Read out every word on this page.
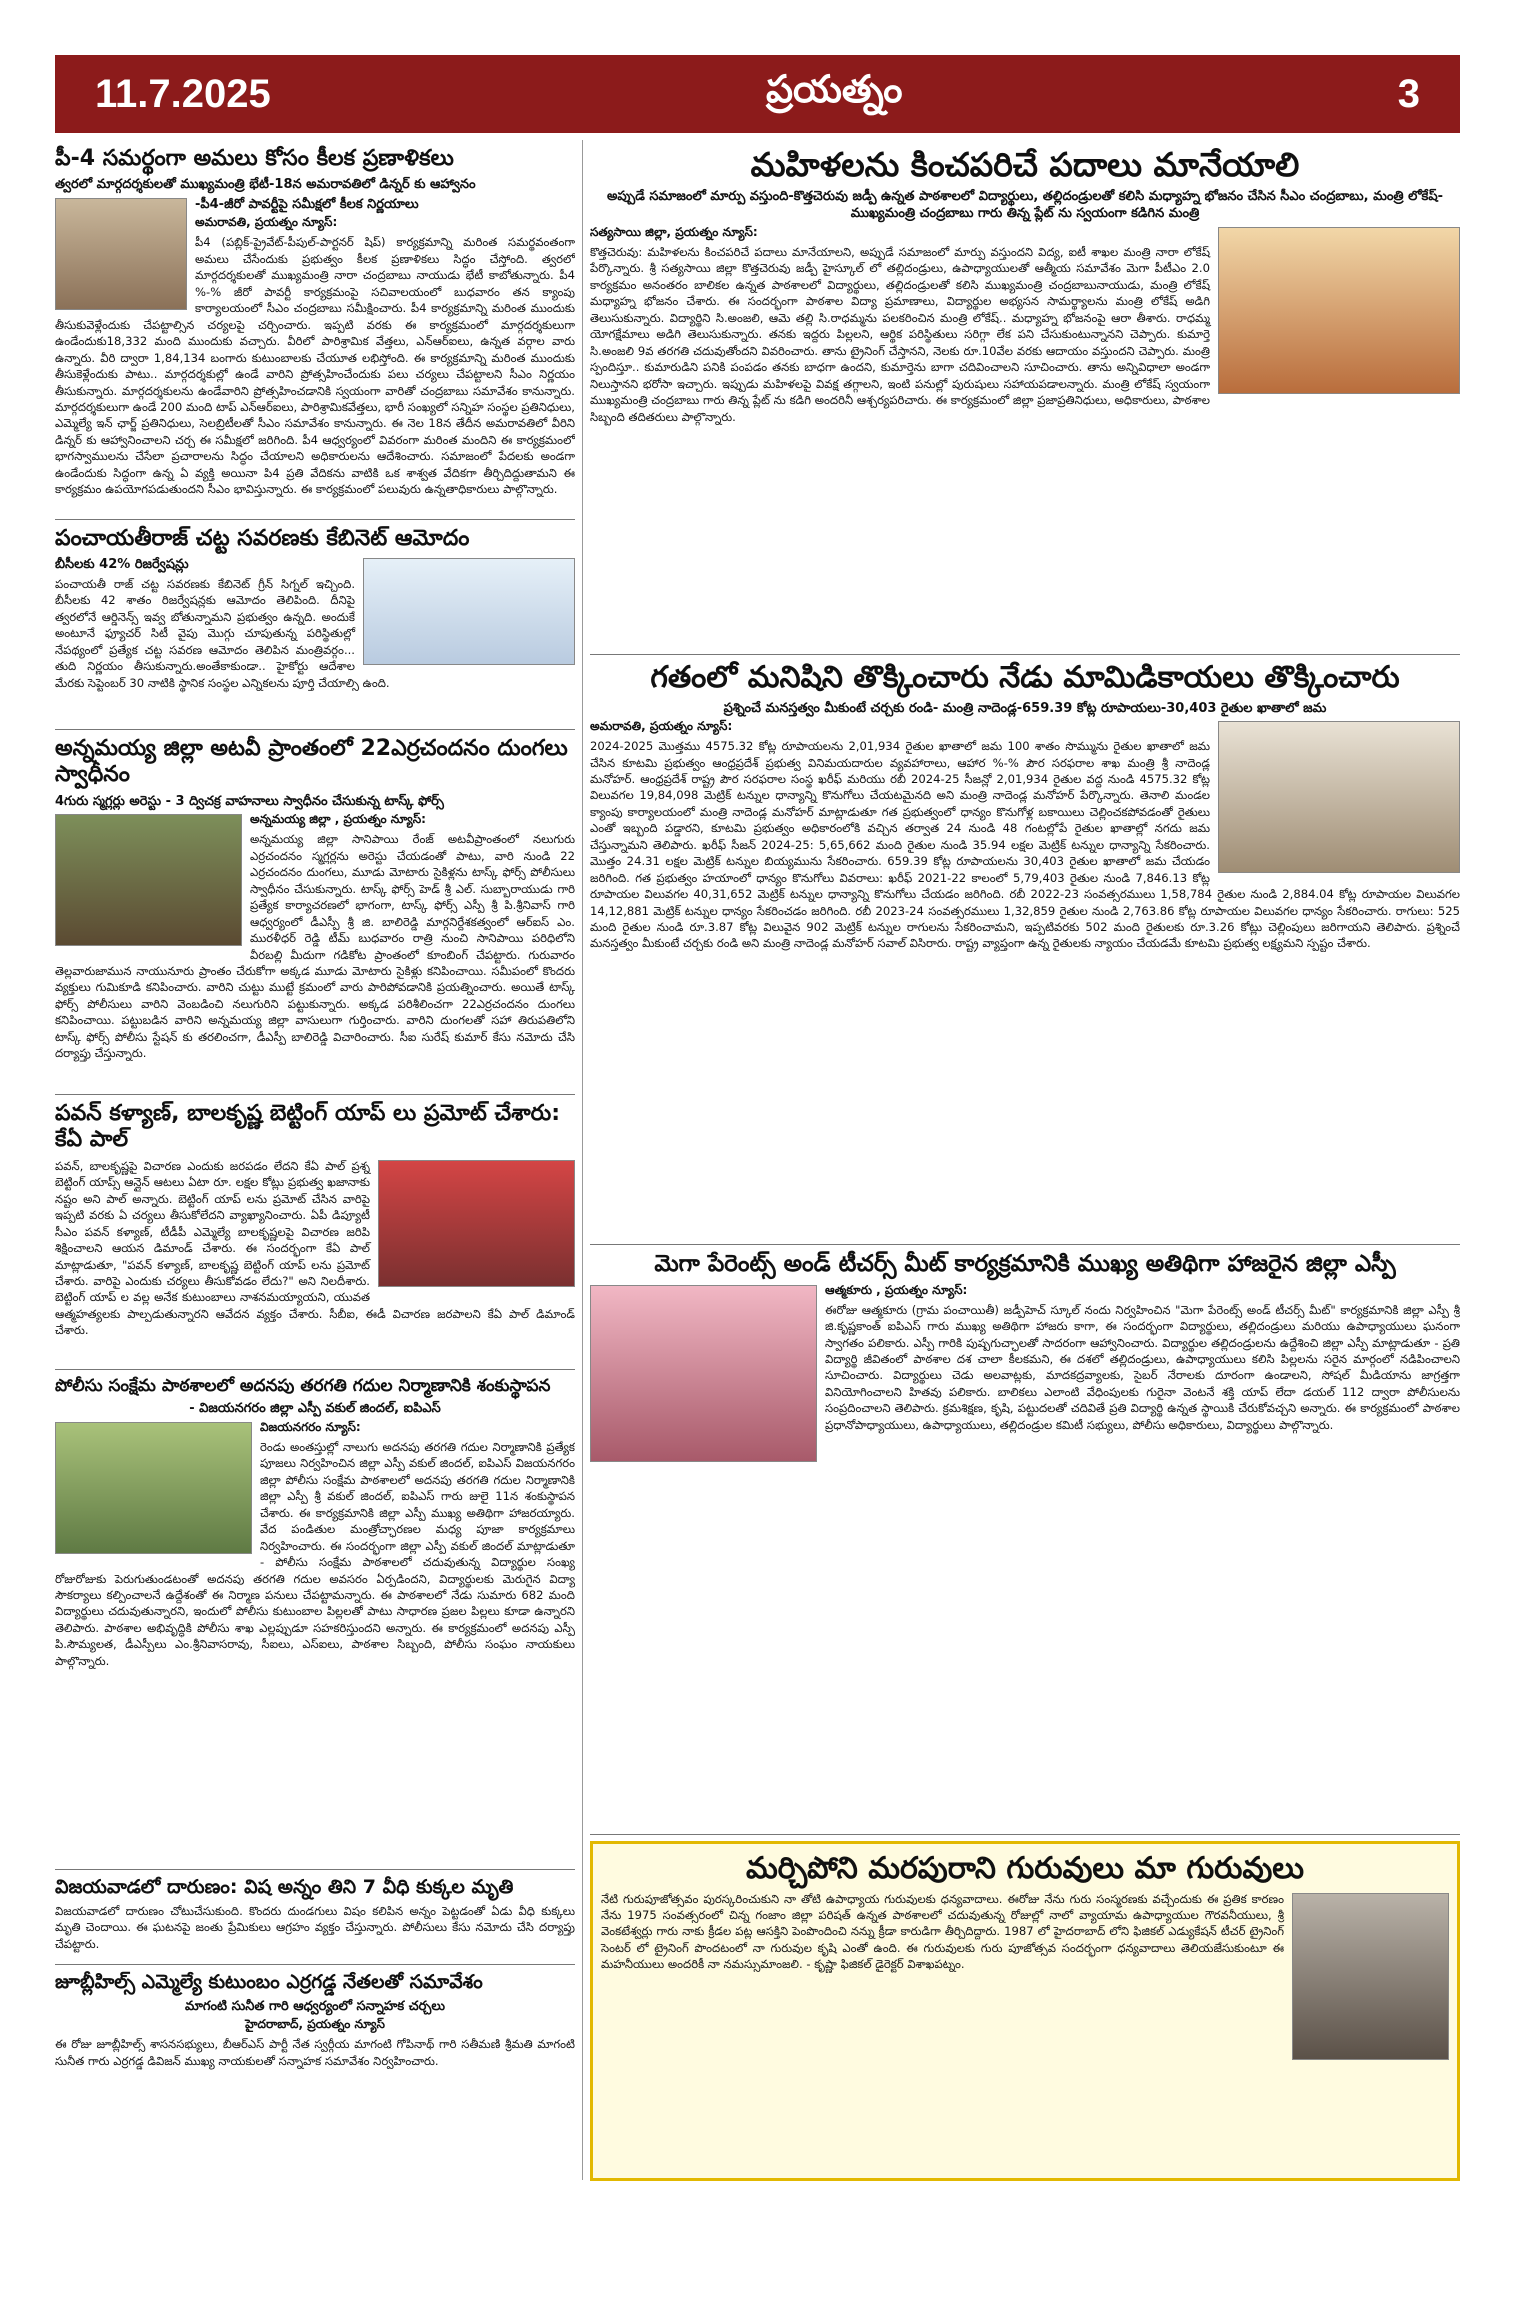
11.7.2025	ప్రయత్నం	3
పీ-4 సమర్థంగా అమలు కోసం కీలక ప్రణాళికలు
త్వరలో మార్గదర్శకులతో ముఖ్యమంత్రి భేటీ-18న అమరావతిలో డిన్నర్ కు ఆహ్వానం
-పీ4-జీరో పావర్టీపై సమీక్షలో కీలక నిర్ణయాలు
అమరావతి, ప్రయత్నం న్యూస్:

పీ4 (పబ్లిక్-ప్రైవేట్-పీపుల్-పార్టనర్ షిప్) కార్యక్రమాన్ని మరింత సమర్థవంతంగా అమలు చేసేందుకు ప్రభుత్వం కీలక ప్రణాళికలు సిద్ధం చేస్తోంది. త్వరలో మార్గదర్శకులతో ముఖ్యమంత్రి నారా చంద్రబాబు నాయుడు భేటీ కాబోతున్నారు. పీ4 %-% జీరో పావర్టీ కార్యక్రమంపై సచివాలయంలో బుధవారం తన క్యాంపు కార్యాలయంలో సీఎం చంద్రబాబు సమీక్షించారు. పీ4 కార్యక్రమాన్ని మరింత ముందుకు తీసుకువెళ్లేందుకు చేపట్టాల్సిన చర్యలపై చర్చించారు. ఇప్పటి వరకు ఈ కార్యక్రమంలో మార్గదర్శకులుగా ఉండేందుకు18,332 మంది ముందుకు వచ్చారు. వీరిలో పారిశ్రామిక వేత్తలు, ఎన్ఆర్ఐలు, ఉన్నత వర్గాల వారు ఉన్నారు. వీరి ద్వారా 1,84,134 బంగారు కుటుంబాలకు చేయూత లభిస్తోంది. ఈ కార్యక్రమాన్ని మరింత ముందుకు తీసుకెళ్లేందుకు పాటు.. మార్గదర్శకుల్లో ఉండే వారిని ప్రోత్సహించేందుకు పలు చర్యలు చేపట్టాలని సీఎం నిర్ణయం తీసుకున్నారు. మార్గదర్శకులను ఉండేవారిని ప్రోత్సహించడానికి స్వయంగా వారితో చంద్రబాబు సమావేశం కానున్నారు. మార్గదర్శకులుగా ఉండే 200 మంది టాప్ ఎన్ఆర్ఐలు, పారిశ్రామికవేత్తలు, భారీ సంఖ్యలో సన్నిహ సంస్థల ప్రతినిధులు, ఎమ్మెల్యే ఇన్ ఛార్జ్ ప్రతినిధులు, సెలబ్రిటీలతో సీఎం సమావేశం కానున్నారు. ఈ నెల 18న తేదీన అమరావతిలో వీరిని డిన్నర్ కు ఆహ్వానించాలని చర్చ ఈ సమీక్షలో జరిగింది. పీ4 ఆధ్వర్యంలో వివరంగా మరింత మందిని ఈ కార్యక్రమంలో భాగస్వాములను చేసేలా ప్రచారాలను సిద్ధం చేయాలని అధికారులను ఆదేశించారు. సమాజంలో పేదలకు అండగా ఉండేందుకు సిద్ధంగా ఉన్న ఏ వ్యక్తి అయినా పి4 ప్రతి వేదికను వాటికి ఒక శాశ్వత వేదికగా తీర్చిదిద్దుతామని ఈ కార్యక్రమం ఉపయోగపడుతుందని సీఎం భావిస్తున్నారు. ఈ కార్యక్రమంలో పలువురు ఉన్నతాధికారులు పాల్గొన్నారు.

పంచాయతీరాజ్ చట్ట సవరణకు కేబినెట్ ఆమోదం
బీసీలకు 42% రిజర్వేషన్లు

పంచాయతీ రాజ్ చట్ట సవరణకు కేబినెట్ గ్రీన్ సిగ్నల్ ఇచ్చింది. బీసీలకు 42 శాతం రిజర్వేషన్లకు ఆమోదం తెలిపింది. దీనిపై త్వరలోనే ఆర్డినెన్స్ ఇవ్వ బోతున్నామని ప్రభుత్వం ఉన్నది. అందుకే అంటూనే ఫ్యూచర్ సిటీ వైపు మొగ్గు చూపుతున్న పరిస్థితుల్లో నేపథ్యంలో ప్రత్యేక చట్ట సవరణ ఆమోదం తెలిపిన మంత్రివర్గం... తుది నిర్ణయం తీసుకున్నారు.అంతేకాకుండా.. హైకోర్టు ఆదేశాల మేరకు సెప్టెంబర్ 30 నాటికి స్థానిక సంస్థల ఎన్నికలను పూర్తి చేయాల్సి ఉంది.

అన్నమయ్య జిల్లా అటవీ ప్రాంతంలో 22ఎర్రచందనం దుంగలు స్వాధీనం
4గురు స్మగ్లర్లు అరెస్టు - 3 ద్విచక్ర వాహనాలు స్వాధీనం చేసుకున్న టాస్క్ ఫోర్స్
అన్నమయ్య జిల్లా , ప్రయత్నం న్యూస్:

అన్నమయ్య జిల్లా సానిపాయి రేంజ్ అటవీప్రాంతంలో నలుగురు ఎర్రచందనం స్మగ్లర్లను అరెస్టు చేయడంతో పాటు, వారి నుండి 22 ఎర్రచందనం దుంగలు, మూడు మోటారు సైకిళ్లను టాస్క్ ఫోర్స్ పోలీసులు స్వాధీనం చేసుకున్నారు. టాస్క్ ఫోర్స్ హెడ్ శ్రీ ఎల్. సుబ్బారాయుడు గారి ప్రత్యేక కార్యాచరణలో భాగంగా, టాస్క్ ఫోర్స్ ఎస్పీ శ్రీ పి.శ్రీనివాస్ గారి ఆధ్వర్యంలో డీఎస్పీ శ్రీ జి. బాలిరెడ్డి మార్గనిర్దేశకత్వంలో ఆర్ఐస్ ఎం. మురళీధర్ రెడ్డి టీమ్ బుధవారం రాత్రి నుంచి సానిపాయి పరిధిలోని వీరబల్లి మీదుగా గడికోట ప్రాంతంలో కూంబింగ్ చేపట్టారు. గురువారం తెల్లవారుజామున నాయునూరు ప్రాంతం చేరుకోగా అక్కడ మూడు మోటారు సైకిళ్లు కనిపించాయి. సమీపంలో కొందరు వ్యక్తులు గుమికూడి కనిపించారు. వారిని చుట్టు ముట్టే క్రమంలో వారు పారిపోవడానికి ప్రయత్నించారు. అయితే టాస్క్ ఫోర్స్ పోలీసులు వారిని వెంబడించి నలుగురిని పట్టుకున్నారు. అక్కడ పరిశీలించగా 22ఎర్రచందనం దుంగలు కనిపించాయి. పట్టుబడిన వారిని అన్నమయ్య జిల్లా వాసులుగా గుర్తించారు. వారిని దుంగలతో సహా తిరుపతిలోని టాస్క్ ఫోర్స్ పోలీసు స్టేషన్ కు తరలించగా, డీఎస్పీ బాలిరెడ్డి విచారించారు. సీఐ సురేష్ కుమార్ కేసు నమోదు చేసి దర్యాప్తు చేస్తున్నారు.

పవన్ కళ్యాణ్, బాలకృష్ణ బెట్టింగ్ యాప్ లు ప్రమోట్ చేశారు: కేఏ పాల్

పవన్, బాలకృష్ణపై విచారణ ఎందుకు జరపడం లేదని కేఏ పాల్ ప్రశ్న బెట్టింగ్ యాప్స్ ఆన్లైన్ ఆటలు ఏటా రూ. లక్షల కోట్లు ప్రభుత్వ ఖజానాకు నష్టం అని పాల్ అన్నారు. బెట్టింగ్ యాప్ లను ప్రమోట్ చేసిన వారిపై ఇప్పటి వరకు ఏ చర్యలు తీసుకోలేదని వ్యాఖ్యానించారు. ఏపీ డిప్యూటీ సీఎం పవన్ కళ్యాణ్, టీడీపీ ఎమ్మెల్యే బాలకృష్ణలపై విచారణ జరిపి శిక్షించాలని ఆయన డిమాండ్ చేశారు. ఈ సందర్భంగా కేఏ పాల్ మాట్లాడుతూ, "పవన్ కళ్యాణ్, బాలకృష్ణ బెట్టింగ్ యాప్ లను ప్రమోట్ చేశారు. వారిపై ఎందుకు చర్యలు తీసుకోవడం లేదు?" అని నిలదీశారు. బెట్టింగ్ యాప్ ల వల్ల అనేక కుటుంబాలు నాశనమయ్యాయని, యువత ఆత్మహత్యలకు పాల్పడుతున్నారని ఆవేదన వ్యక్తం చేశారు. సీబీఐ, ఈడీ విచారణ జరపాలని కేఏ పాల్ డిమాండ్ చేశారు.

పోలీసు సంక్షేమ పాఠశాలలో అదనపు తరగతి గదుల నిర్మాణానికి శంకుస్థాపన
- విజయనగరం జిల్లా ఎస్పీ వకుల్ జిందల్, ఐపిఎస్
విజయనగరం న్యూస్:

రెండు అంతస్తుల్లో నాలుగు అదనపు తరగతి గదుల నిర్మాణానికి ప్రత్యేక పూజలు నిర్వహించిన జిల్లా ఎస్పీ వకుల్ జిందల్, ఐపిఎస్ విజయనగరం జిల్లా పోలీసు సంక్షేమ పాఠశాలలో అదనపు తరగతి గదుల నిర్మాణానికి జిల్లా ఎస్పీ శ్రీ వకుల్ జిందల్, ఐపిఎస్ గారు జులై 11న శంకుస్థాపన చేశారు. ఈ కార్యక్రమానికి జిల్లా ఎస్పీ ముఖ్య అతిథిగా హాజరయ్యారు. వేద పండితుల మంత్రోచ్ఛారణల మధ్య పూజా కార్యక్రమాలు నిర్వహించారు. ఈ సందర్భంగా జిల్లా ఎస్పీ వకుల్ జిందల్ మాట్లాడుతూ - పోలీసు సంక్షేమ పాఠశాలలో చదువుతున్న విద్యార్థుల సంఖ్య రోజురోజుకు పెరుగుతుండటంతో అదనపు తరగతి గదుల అవసరం ఏర్పడిందని, విద్యార్థులకు మెరుగైన విద్యా సౌకర్యాలు కల్పించాలనే ఉద్దేశంతో ఈ నిర్మాణ పనులు చేపట్టామన్నారు. ఈ పాఠశాలలో నేడు సుమారు 682 మంది విద్యార్థులు చదువుతున్నారని, ఇందులో పోలీసు కుటుంబాల పిల్లలతో పాటు సాధారణ ప్రజల పిల్లలు కూడా ఉన్నారని తెలిపారు. పాఠశాల అభివృద్ధికి పోలీసు శాఖ ఎల్లప్పుడూ సహకరిస్తుందని అన్నారు. ఈ కార్యక్రమంలో అదనపు ఎస్పీ పి.సౌమ్యలత, డీఎస్పీలు ఎం.శ్రీనివాసరావు, సీఐలు, ఎస్ఐలు, పాఠశాల సిబ్బంది, పోలీసు సంఘం నాయకులు పాల్గొన్నారు.

విజయవాడలో దారుణం: విష అన్నం తిని 7 వీధి కుక్కల మృతి

విజయవాడలో దారుణం చోటుచేసుకుంది. కొందరు దుండగులు విషం కలిపిన అన్నం పెట్టడంతో ఏడు వీధి కుక్కలు మృతి చెందాయి. ఈ ఘటనపై జంతు ప్రేమికులు ఆగ్రహం వ్యక్తం చేస్తున్నారు. పోలీసులు కేసు నమోదు చేసి దర్యాప్తు చేపట్టారు.

జూబ్లీహిల్స్ ఎమ్మెల్యే కుటుంబం ఎర్రగడ్డ నేతలతో సమావేశం
మాగంటి సునీత గారి ఆధ్వర్యంలో సన్నాహక చర్చలు
హైదరాబాద్, ప్రయత్నం న్యూస్

ఈ రోజు జూబ్లీహిల్స్ శాసనసభ్యులు, బీఆర్ఎస్ పార్టీ నేత స్వర్గీయ మాగంటి గోపినాథ్ గారి సతీమణి శ్రీమతి మాగంటి సునీత గారు ఎర్రగడ్డ డివిజన్ ముఖ్య నాయకులతో సన్నాహక సమావేశం నిర్వహించారు.

మహిళలను కించపరిచే పదాలు మానేయాలి
అప్పుడే సమాజంలో మార్పు వస్తుంది-కొత్తచెరువు జడ్పీ ఉన్నత పాఠశాలలో విద్యార్థులు, తల్లిదండ్రులతో కలిసి మధ్యాహ్న భోజనం చేసిన సీఎం చంద్రబాబు, మంత్రి లోకేష్-ముఖ్యమంత్రి చంద్రబాబు గారు తిన్న ప్లేట్ ను స్వయంగా కడిగిన మంత్రి
సత్యసాయి జిల్లా, ప్రయత్నం న్యూస్:

కొత్తచెరువు: మహిళలను కించపరిచే పదాలు మానేయాలని, అప్పుడే సమాజంలో మార్పు వస్తుందని విద్య, ఐటీ శాఖల మంత్రి నారా లోకేష్ పేర్కొన్నారు. శ్రీ సత్యసాయి జిల్లా కొత్తచెరువు జడ్పీ హైస్కూల్ లో తల్లిదండ్రులు, ఉపాధ్యాయులతో ఆత్మీయ సమావేశం మెగా పీటీఎం 2.0 కార్యక్రమం అనంతరం బాలికల ఉన్నత పాఠశాలలో విద్యార్థులు, తల్లిదండ్రులతో కలిసి ముఖ్యమంత్రి చంద్రబాబునాయుడు, మంత్రి లోకేష్ మధ్యాహ్న భోజనం చేశారు. ఈ సందర్భంగా పాఠశాల విద్యా ప్రమాణాలు, విద్యార్థుల అభ్యసన సామర్థ్యాలను మంత్రి లోకేష్ అడిగి తెలుసుకున్నారు. విద్యార్థిని సి.అంజలి, ఆమె తల్లి సి.రాధమ్మను పలకరించిన మంత్రి లోకేష్.. మధ్యాహ్న భోజనంపై ఆరా తీశారు. రాధమ్మ యోగక్షేమాలు అడిగి తెలుసుకున్నారు. తనకు ఇద్దరు పిల్లలని, ఆర్థిక పరిస్థితులు సరిగ్గా లేక పని చేసుకుంటున్నానని చెప్పారు. కుమార్తె సి.అంజలి 9వ తరగతి చదువుతోందని వివరించారు. తాను ట్రైనింగ్ చేస్తానని, నెలకు రూ.10వేల వరకు ఆదాయం వస్తుందని చెప్పారు. మంత్రి స్పందిస్తూ.. కుమారుడిని పనికి పంపడం తనకు బాధగా ఉందని, కుమార్తెను బాగా చదివించాలని సూచించారు. తాను అన్నివిధాలా అండగా నిలుస్తానని భరోసా ఇచ్చారు. ఇప్పుడు మహిళలపై వివక్ష తగ్గాలని, ఇంటి పనుల్లో పురుషులు సహాయపడాలన్నారు. మంత్రి లోకేష్ స్వయంగా ముఖ్యమంత్రి చంద్రబాబు గారు తిన్న ప్లేట్ ను కడిగి అందరినీ ఆశ్చర్యపరిచారు. ఈ కార్యక్రమంలో జిల్లా ప్రజాప్రతినిధులు, అధికారులు, పాఠశాల సిబ్బంది తదితరులు పాల్గొన్నారు.

గతంలో మనిషిని తొక్కించారు నేడు మామిడికాయలు తొక్కించారు
ప్రశ్నించే మనస్తత్వం మీకుంటే చర్చకు రండి- మంత్రి నాదెండ్ల-659.39 కోట్ల రూపాయలు-30,403 రైతుల ఖాతాలో జమ
అమరావతి, ప్రయత్నం న్యూస్:

2024-2025 మొత్తము 4575.32 కోట్ల రూపాయలను 2,01,934 రైతుల ఖాతాలో జమ 100 శాతం సొమ్మును రైతుల ఖాతాలో జమ చేసిన కూటమి ప్రభుత్వం ఆంధ్రప్రదేశ్ ప్రభుత్వ వినిమయదారుల వ్యవహారాలు, ఆహార %-% పౌర సరఫరాల శాఖ మంత్రి శ్రీ నాదెండ్ల మనోహర్. ఆంధ్రప్రదేశ్ రాష్ట్ర పౌర సరఫరాల సంస్థ ఖరీఫ్ మరియు రబీ 2024-25 సీజన్లో 2,01,934 రైతుల వద్ద నుండి 4575.32 కోట్ల విలువగల 19,84,098 మెట్రిక్ టన్నుల ధాన్యాన్ని కొనుగోలు చేయటమైనది అని మంత్రి నాదెండ్ల మనోహర్ పేర్కొన్నారు. తెనాలి మండల క్యాంపు కార్యాలయంలో మంత్రి నాదెండ్ల మనోహర్ మాట్లాడుతూ గత ప్రభుత్వంలో ధాన్యం కొనుగోళ్ల బకాయిలు చెల్లించకపోవడంతో రైతులు ఎంతో ఇబ్బంది పడ్డారని, కూటమి ప్రభుత్వం అధికారంలోకి వచ్చిన తర్వాత 24 నుండి 48 గంటల్లోపే రైతుల ఖాతాల్లో నగదు జమ చేస్తున్నామని తెలిపారు. ఖరీఫ్ సీజన్ 2024-25: 5,65,662 మంది రైతుల నుండి 35.94 లక్షల మెట్రిక్ టన్నుల ధాన్యాన్ని సేకరించారు. మొత్తం 24.31 లక్షల మెట్రిక్ టన్నుల బియ్యమును సేకరించారు. 659.39 కోట్ల రూపాయలను 30,403 రైతుల ఖాతాలో జమ చేయడం జరిగింది. గత ప్రభుత్వం హయాంలో ధాన్యం కొనుగోలు వివరాలు: ఖరీఫ్ 2021-22 కాలంలో 5,79,403 రైతుల నుండి 7,846.13 కోట్ల రూపాయల విలువగల 40,31,652 మెట్రిక్ టన్నుల ధాన్యాన్ని కొనుగోలు చేయడం జరిగింది. రబీ 2022-23 సంవత్సరములు 1,58,784 రైతుల నుండి 2,884.04 కోట్ల రూపాయల విలువగల 14,12,881 మెట్రిక్ టన్నుల ధాన్యం సేకరించడం జరిగింది. రబీ 2023-24 సంవత్సరములు 1,32,859 రైతుల నుండి 2,763.86 కోట్ల రూపాయల విలువగల ధాన్యం సేకరించారు. రాగులు: 525 మంది రైతుల నుండి రూ.3.87 కోట్ల విలువైన 902 మెట్రిక్ టన్నుల రాగులను సేకరించామని, ఇప్పటివరకు 502 మంది రైతులకు రూ.3.26 కోట్లు చెల్లింపులు జరిగాయని తెలిపారు. ప్రశ్నించే మనస్తత్వం మీకుంటే చర్చకు రండి అని మంత్రి నాదెండ్ల మనోహర్ సవాల్ విసిరారు. రాష్ట్ర వ్యాప్తంగా ఉన్న రైతులకు న్యాయం చేయడమే కూటమి ప్రభుత్వ లక్ష్యమని స్పష్టం చేశారు.

మెగా పేరెంట్స్ అండ్ టీచర్స్ మీట్ కార్యక్రమానికి ముఖ్య అతిథిగా హాజరైన జిల్లా ఎస్పీ
ఆత్మకూరు , ప్రయత్నం న్యూస్:

ఈరోజు ఆత్మకూరు (గ్రామ పంచాయితీ) జడ్పీహెచ్ స్కూల్ నందు నిర్వహించిన "మెగా పేరెంట్స్ అండ్ టీచర్స్ మీట్" కార్యక్రమానికి జిల్లా ఎస్పీ శ్రీ జి.కృష్ణకాంత్ ఐపిఎస్ గారు ముఖ్య అతిథిగా హాజరు కాగా, ఈ సందర్భంగా విద్యార్థులు, తల్లిదండ్రులు మరియు ఉపాధ్యాయులు ఘనంగా స్వాగతం పలికారు. ఎస్పీ గారికి పుష్పగుచ్ఛాలతో సాదరంగా ఆహ్వానించారు. విద్యార్థుల తల్లిదండ్రులను ఉద్దేశించి జిల్లా ఎస్పీ మాట్లాడుతూ - ప్రతి విద్యార్థి జీవితంలో పాఠశాల దశ చాలా కీలకమని, ఈ దశలో తల్లిదండ్రులు, ఉపాధ్యాయులు కలిసి పిల్లలను సరైన మార్గంలో నడిపించాలని సూచించారు. విద్యార్థులు చెడు అలవాట్లకు, మాదకద్రవ్యాలకు, సైబర్ నేరాలకు దూరంగా ఉండాలని, సోషల్ మీడియాను జాగ్రత్తగా వినియోగించాలని హితవు పలికారు. బాలికలు ఎలాంటి వేధింపులకు గురైనా వెంటనే శక్తి యాప్ లేదా డయల్ 112 ద్వారా పోలీసులను సంప్రదించాలని తెలిపారు. క్రమశిక్షణ, కృషి, పట్టుదలతో చదివితే ప్రతి విద్యార్థి ఉన్నత స్థాయికి చేరుకోవచ్చని అన్నారు. ఈ కార్యక్రమంలో పాఠశాల ప్రధానోపాధ్యాయులు, ఉపాధ్యాయులు, తల్లిదండ్రుల కమిటీ సభ్యులు, పోలీసు అధికారులు, విద్యార్థులు పాల్గొన్నారు.

మర్చిపోని మరపురాని గురువులు మా గురువులు

నేటి గురుపూజోత్సవం పురస్కరించుకుని నా తోటి ఉపాధ్యాయ గురువులకు ధన్యవాదాలు. ఈరోజు నేను గురు సంస్మరణకు వచ్చేందుకు ఈ ప్రతిక కారణం నేను 1975 సంవత్సరంలో చిన్న గంజాం జిల్లా పరిషత్ ఉన్నత పాఠశాలలో చదువుతున్న రోజుల్లో నాలో వ్యాయామ ఉపాధ్యాయుల గౌరవనీయులు, శ్రీ వెంకటేశ్వర్లు గారు నాకు క్రీడల పట్ల ఆసక్తిని పెంపొందించి నన్ను క్రీడా కారుడిగా తీర్చిదిద్దారు. 1987 లో హైదరాబాద్ లోని ఫిజికల్ ఎడ్యుకేషన్ టీచర్ ట్రైనింగ్ సెంటర్ లో ట్రైనింగ్ పొందటంలో నా గురువుల కృషి ఎంతో ఉంది. ఈ గురువులకు గురు పూజోత్సవ సందర్భంగా ధన్యవాదాలు తెలియజేసుకుంటూ ఈ మహనీయులు అందరికీ నా నమస్సుమాంజలి. - కృష్ణా ఫిజికల్ డైరెక్టర్ విశాఖపట్నం.
